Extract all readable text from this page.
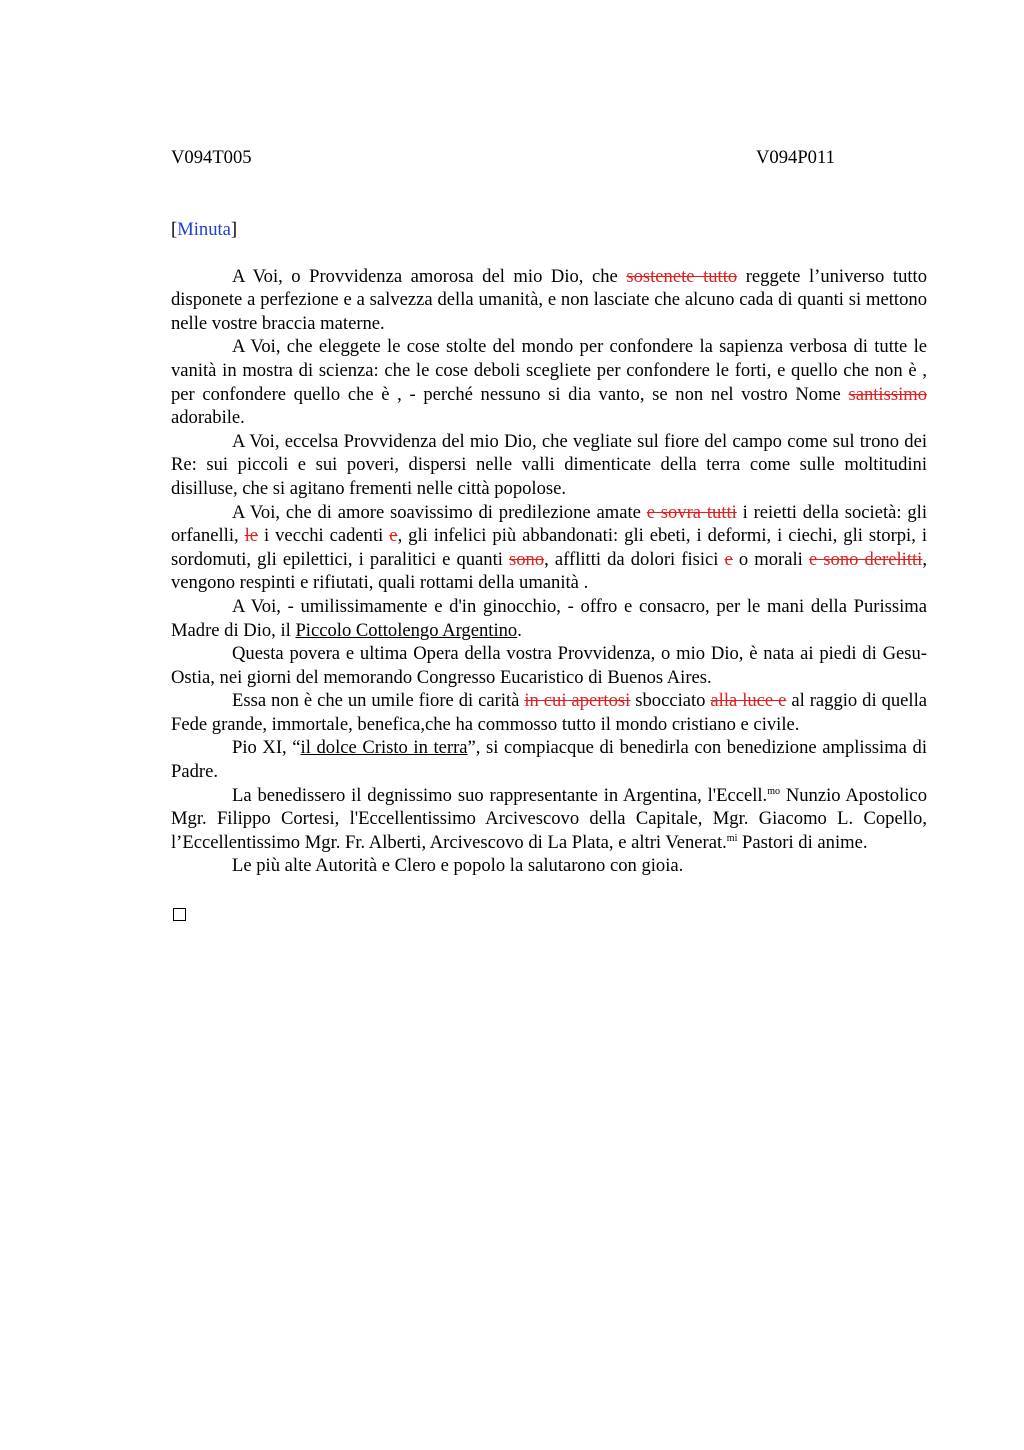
V094T005	V094P011
[Minuta]

A Voi, o Provvidenza amorosa del mio Dio, che sostenete tutto reggete l’universo tutto disponete a perfezione e a salvezza della umanità, e non lasciate che alcuno cada di quanti si mettono nelle vostre braccia materne.

A Voi, che eleggete le cose stolte del mondo per confondere la sapienza verbosa di tutte le vanità in mostra di scienza: che le cose deboli scegliete per confondere le forti, e quello che non è , per confondere quello che è , - perché nessuno si dia vanto, se non nel vostro Nome santissimo adorabile.

A Voi, eccelsa Provvidenza del mio Dio, che vegliate sul fiore del campo come sul trono dei Re: sui piccoli e sui poveri, dispersi nelle valli dimenticate della terra come sulle moltitudini disilluse, che si agitano frementi nelle città popolose.

A Voi, che di amore soavissimo di predilezione amate e sovra tutti i reietti della società: gli orfanelli, le i vecchi cadenti e, gli infelici più abbandonati: gli ebeti, i deformi, i ciechi, gli storpi, i sordomuti, gli epilettici, i paralitici e quanti sono, afflitti da dolori fisici e o morali e sono derelitti, vengono respinti e rifiutati, quali rottami della umanità .

A Voi, - umilissimamente e d'in ginocchio, - offro e consacro, per le mani della Purissima Madre di Dio, il Piccolo Cottolengo Argentino.

Questa povera e ultima Opera della vostra Provvidenza, o mio Dio, è nata ai piedi di Gesu-Ostia, nei giorni del memorando Congresso Eucaristico di Buenos Aires.

Essa non è che un umile fiore di carità in cui apertosi sbocciato alla luce e al raggio di quella Fede grande, immortale, benefica,che ha commosso tutto il mondo cristiano e civile.

Pio XI, “il dolce Cristo in terra”, si compiacque di benedirla con benedizione amplissima di Padre.

La benedissero il degnissimo suo rappresentante in Argentina, l'Eccell.$^{mo}$ Nunzio Apostolico Mgr. Filippo Cortesi, l'Eccellentissimo Arcivescovo della Capitale, Mgr. Giacomo L. Copello, l’Eccellentissimo Mgr. Fr. Alberti, Arcivescovo di La Plata, e altri Venerat.$^{mi}$ Pastori di anime.

Le più alte Autorità e Clero e popolo la salutarono con gioia.
